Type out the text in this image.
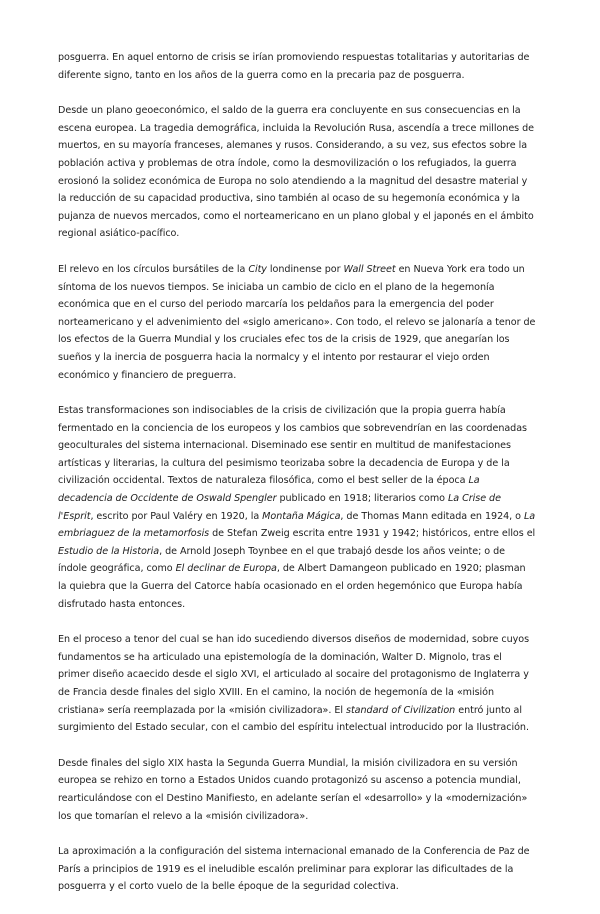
posguerra. En aquel entorno de crisis se irían promoviendo respuestas totalitarias y autoritarias de diferente signo, tanto en los años de la guerra como en la precaria paz de posguerra.

Desde un plano geoeconómico, el saldo de la guerra era concluyente en sus consecuencias en la escena europea. La tragedia demográfica, incluida la Revolución Rusa, ascendía a trece millones de muertos, en su mayoría franceses, alemanes y rusos. Considerando, a su vez, sus efectos sobre la población activa y problemas de otra índole, como la desmovilización o los refugiados, la guerra erosionó la solidez económica de Europa no solo atendiendo a la magnitud del desastre material y la reducción de su capacidad productiva, sino también al ocaso de su hegemonía económica y la pujanza de nuevos mercados, como el norteamericano en un plano global y el japonés en el ámbito regional asiático-pacífico.

El relevo en los círculos bursátiles de la City londinense por Wall Street en Nueva York era todo un síntoma de los nuevos tiempos. Se iniciaba un cambio de ciclo en el plano de la hegemonía económica que en el curso del periodo marcaría los peldaños para la emergencia del poder norteamericano y el advenimiento del «siglo americano». Con todo, el relevo se jalonaría a tenor de los efectos de la Guerra Mundial y los cruciales efec tos de la crisis de 1929, que anegarían los sueños y la inercia de posguerra hacia la normalcy y el intento por restaurar el viejo orden económico y financiero de preguerra.

Estas transformaciones son indisociables de la crisis de civilización que la propia guerra había fermentado en la conciencia de los europeos y los cambios que sobrevendrían en las coordenadas geoculturales del sistema internacional. Diseminado ese sentir en multitud de manifestaciones artísticas y literarias, la cultura del pesimismo teorizaba sobre la decadencia de Europa y de la civilización occidental. Textos de naturaleza filosófica, como el best seller de la época La decadencia de Occidente de Oswald Spengler publicado en 1918; literarios como La Crise de l'Esprit, escrito por Paul Valéry en 1920, la Montaña Mágica, de Thomas Mann editada en 1924, o La embriaguez de la metamorfosis de Stefan Zweig escrita entre 1931 y 1942; históricos, entre ellos el Estudio de la Historia, de Arnold Joseph Toynbee en el que trabajó desde los años veinte; o de índole geográfica, como El declinar de Europa, de Albert Damangeon publicado en 1920; plasman la quiebra que la Guerra del Catorce había ocasionado en el orden hegemónico que Europa había disfrutado hasta entonces.

En el proceso a tenor del cual se han ido sucediendo diversos diseños de modernidad, sobre cuyos fundamentos se ha articulado una epistemología de la dominación, Walter D. Mignolo, tras el primer diseño acaecido desde el siglo XVI, el articulado al socaire del protagonismo de Inglaterra y de Francia desde finales del siglo XVIII. En el camino, la noción de hegemonía de la «misión cristiana» sería reemplazada por la «misión civilizadora». El standard of Civilization entró junto al surgimiento del Estado secular, con el cambio del espíritu intelectual introducido por la Ilustración.

Desde finales del siglo XIX hasta la Segunda Guerra Mundial, la misión civilizadora en su versión europea se rehizo en torno a Estados Unidos cuando protagonizó su ascenso a potencia mundial, rearticulándose con el Destino Manifiesto, en adelante serían el «desarrollo» y la «modernización» los que tomarían el relevo a la «misión civilizadora».

La aproximación a la configuración del sistema internacional emanado de la Conferencia de Paz de París a principios de 1919 es el ineludible escalón preliminar para explorar las dificultades de la posguerra y el corto vuelo de la belle époque de la seguridad colectiva.
